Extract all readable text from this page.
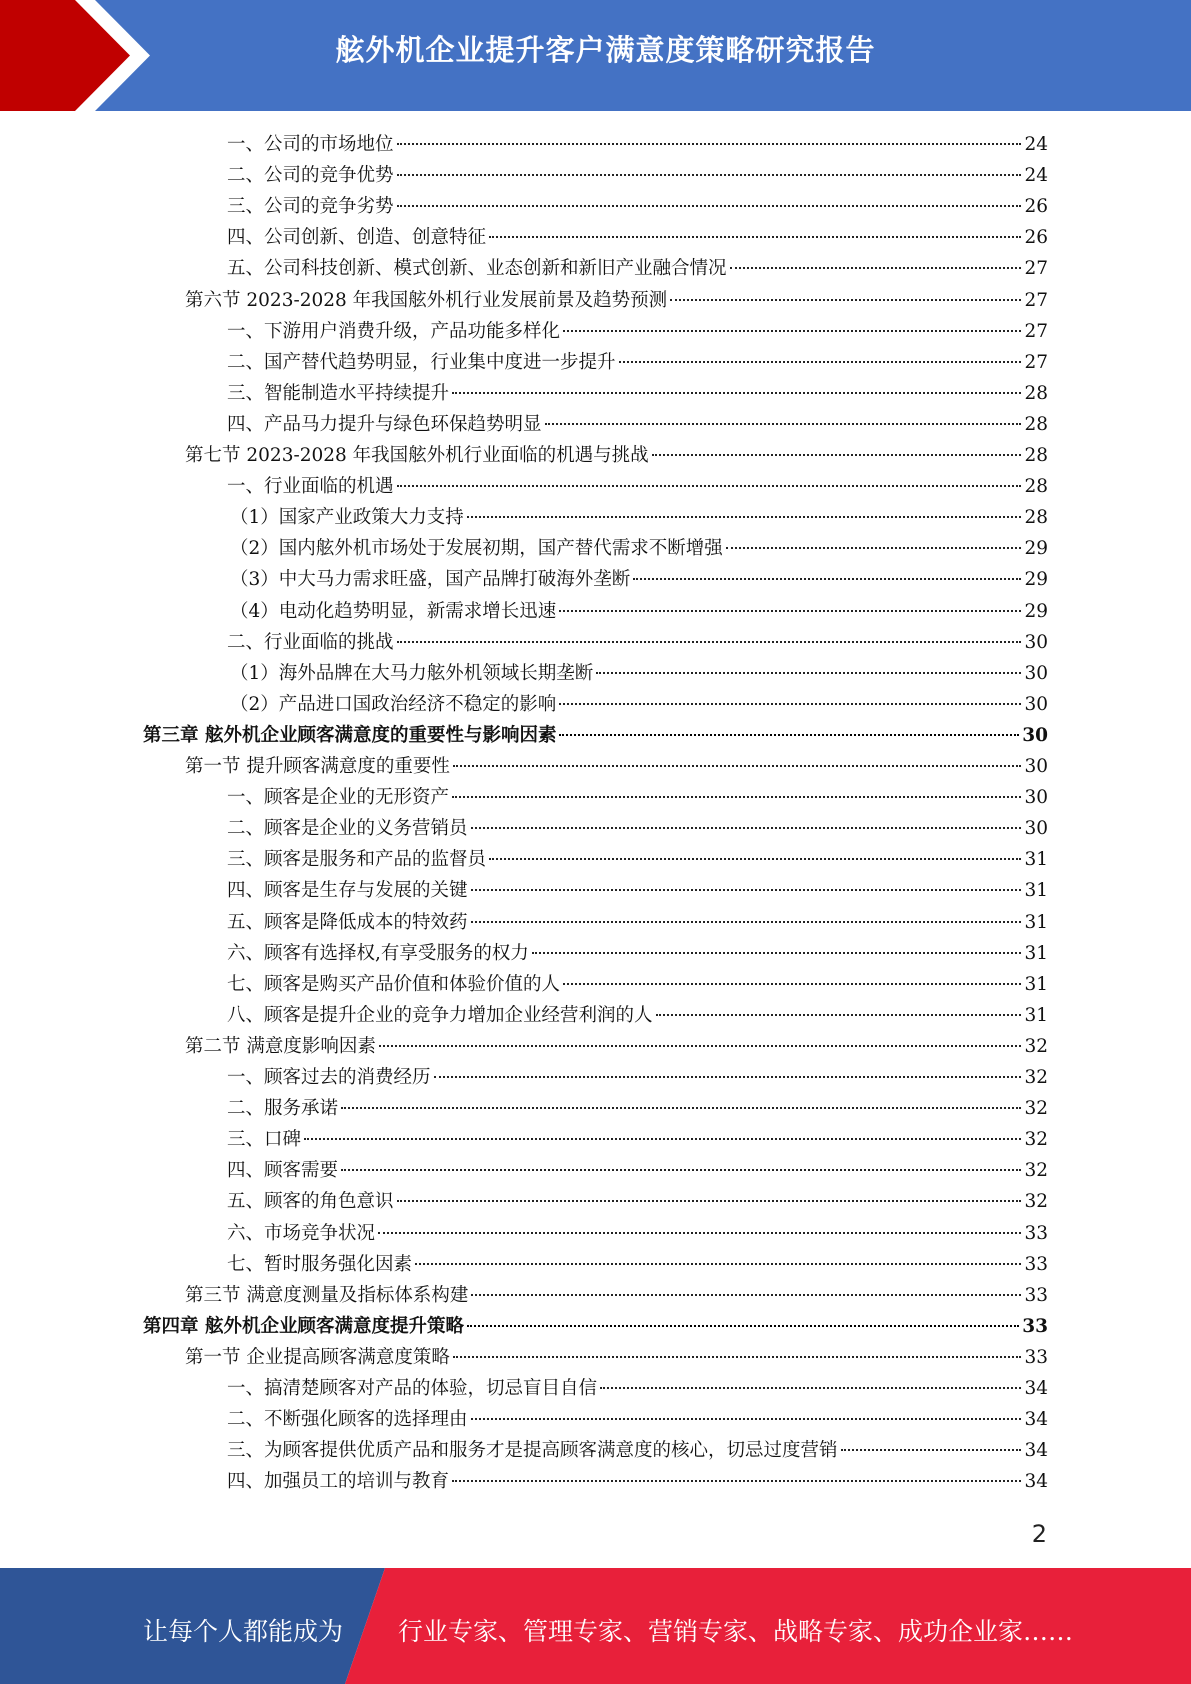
舷外机企业提升客户满意度策略研究报告
一、公司的市场地位	24
二、公司的竞争优势	24
三、公司的竞争劣势	26
四、公司创新、创造、创意特征	26
五、公司科技创新、模式创新、业态创新和新旧产业融合情况	27
第六节 2023-2028 年我国舷外机行业发展前景及趋势预测	27
一、下游用户消费升级，产品功能多样化	27
二、国产替代趋势明显，行业集中度进一步提升	27
三、智能制造水平持续提升	28
四、产品马力提升与绿色环保趋势明显	28
第七节 2023-2028 年我国舷外机行业面临的机遇与挑战	28
一、行业面临的机遇	28
（1）国家产业政策大力支持	28
（2）国内舷外机市场处于发展初期，国产替代需求不断增强	29
（3）中大马力需求旺盛，国产品牌打破海外垄断	29
（4）电动化趋势明显，新需求增长迅速	29
二、行业面临的挑战	30
（1）海外品牌在大马力舷外机领域长期垄断	30
（2）产品进口国政治经济不稳定的影响	30
第三章 舷外机企业顾客满意度的重要性与影响因素	30
第一节 提升顾客满意度的重要性	30
一、顾客是企业的无形资产	30
二、顾客是企业的义务营销员	30
三、顾客是服务和产品的监督员	31
四、顾客是生存与发展的关键	31
五、顾客是降低成本的特效药	31
六、顾客有选择权,有享受服务的权力	31
七、顾客是购买产品价值和体验价值的人	31
八、顾客是提升企业的竞争力增加企业经营利润的人	31
第二节 满意度影响因素	32
一、顾客过去的消费经历	32
二、服务承诺	32
三、口碑	32
四、顾客需要	32
五、顾客的角色意识	32
六、市场竞争状况	33
七、暂时服务强化因素	33
第三节 满意度测量及指标体系构建	33
第四章 舷外机企业顾客满意度提升策略	33
第一节 企业提高顾客满意度策略	33
一、搞清楚顾客对产品的体验，切忌盲目自信	34
二、不断强化顾客的选择理由	34
三、为顾客提供优质产品和服务才是提高顾客满意度的核心，切忌过度营销	34
四、加强员工的培训与教育	34
2
让每个人都能成为 行业专家、管理专家、营销专家、战略专家、成功企业家……
